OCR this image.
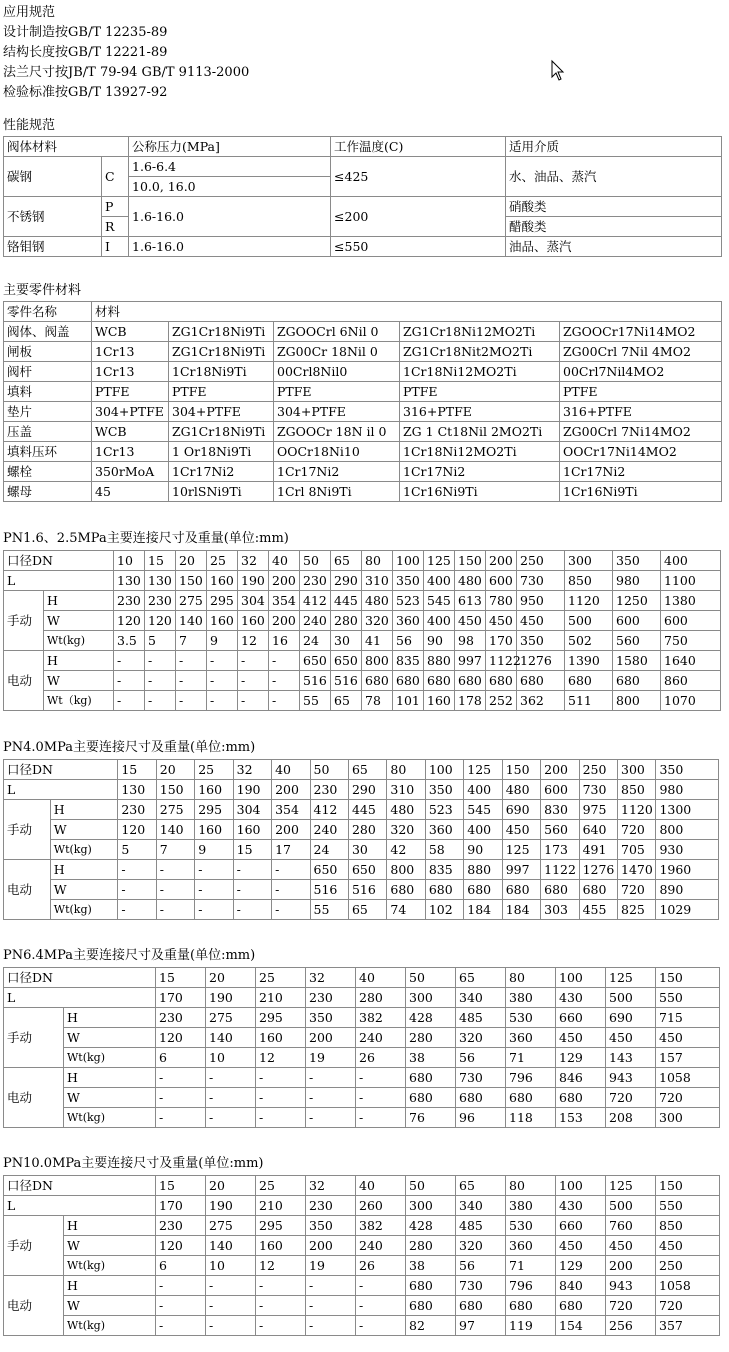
应用规范
设计制造按GB/T 12235-89
结构长度按GB/T 12221-89
法兰尺寸按JB/T 79-94 GB/T 9113-2000
检验标准按GB/T 13927-92
性能规范
阀体材料		公称压力(MPa]	工作温度(C)	适用介质
碳钢	C	1.6-6.4	≤425	水、油品、蒸汽
		10.0, 16.0		
不锈钢	P	1.6-16.0	≤200	硝酸类
	R			醋酸类
铬钼钢	I	1.6-16.0	≤550	油品、蒸汽
主要零件材料
零件名称	材料				
阀体、阀盖	WCB	ZG1Cr18Ni9Ti	ZGOOCrl 6Nil 0	ZG1Cr18Ni12MO2Ti	ZGOOCr17Ni14MO2
闸板	1Cr13	ZG1Cr18Ni9Ti	ZG00Cr 18Nil 0	ZG1Cr18Nit2MO2Ti	ZG00Crl 7Nil 4MO2
阀杆	1Cr13	1Cr18Ni9Ti	00Crl8Nil0	1Cr18Ni12MO2Ti	00Crl7Nil4MO2
填料	PTFE	PTFE	PTFE	PTFE	PTFE
垫片	304+PTFE	304+PTFE	304+PTFE	316+PTFE	316+PTFE
压盖	WCB	ZG1Cr18Ni9Ti	ZGOOCr 18N il 0	ZG 1 Ct18Nil 2MO2Ti	ZG00Crl 7Ni14MO2
填料压环	1Cr13	1 Or18Ni9Ti	OOCr18Ni10	1Cr18Ni12MO2Ti	OOCr17Ni14MO2
螺栓	350rMoA	1Cr17Ni2	1Cr17Ni2	1Cr17Ni2	1Cr17Ni2
螺母	45	10rlSNi9Ti	1Crl 8Ni9Ti	1Cr16Ni9Ti	1Cr16Ni9Ti
PN1.6、2.5MPa主要连接尺寸及重量(单位:mm)
口径DN		10	15	20	25	32	40	50	65	80	100	125	150	200	250	300	350	400
L		130	130	150	160	190	200	230	290	310	350	400	480	600	730	850	980	1100
手动	H	230	230	275	295	304	354	412	445	480	523	545	613	780	950	1120	1250	1380
	W	120	120	140	160	160	200	240	280	320	360	400	450	450	450	500	600	600
	Wt(kg)	3.5	5	7	9	12	16	24	30	41	56	90	98	170	350	502	560	750
电动	H	-	-	-	-	-	-	650	650	800	835	880	997	1122	1276	1390	1580	1640
	W	-	-	-	-	-	-	516	516	680	680	680	680	680	680	680	680	860
	Wt（kg)	-	-	-	-	-	-	55	65	78	101	160	178	252	362	511	800	1070
PN4.0MPa主要连接尺寸及重量(单位:mm)
口径DN		15	20	25	32	40	50	65	80	100	125	150	200	250	300	350
L		130	150	160	190	200	230	290	310	350	400	480	600	730	850	980
手动	H	230	275	295	304	354	412	445	480	523	545	690	830	975	1120	1300
	W	120	140	160	160	200	240	280	320	360	400	450	560	640	720	800
	Wt(kg)	5	7	9	15	17	24	30	42	58	90	125	173	491	705	930
电动	H	-	-	-	-	-	650	650	800	835	880	997	1122	1276	1470	1960
	W	-	-	-	-	-	516	516	680	680	680	680	680	680	720	890
	Wt(kg)	-	-	-	-	-	55	65	74	102	184	184	303	455	825	1029
PN6.4MPa主要连接尺寸及重量(单位:mm)
口径DN		15	20	25	32	40	50	65	80	100	125	150
L		170	190	210	230	280	300	340	380	430	500	550
手动	H	230	275	295	350	382	428	485	530	660	690	715
	W	120	140	160	200	240	280	320	360	450	450	450
	Wt(kg)	6	10	12	19	26	38	56	71	129	143	157
电动	H	-	-	-	-	-	680	730	796	846	943	1058
	W	-	-	-	-	-	680	680	680	680	720	720
	Wt(kg)	-	-	-	-	-	76	96	118	153	208	300
PN10.0MPa主要连接尺寸及重量(单位:mm)
口径DN		15	20	25	32	40	50	65	80	100	125	150
L		170	190	210	230	260	300	340	380	430	500	550
手动	H	230	275	295	350	382	428	485	530	660	760	850
	W	120	140	160	200	240	280	320	360	450	450	450
	Wt(kg)	6	10	12	19	26	38	56	71	129	200	250
电动	H	-	-	-	-	-	680	730	796	840	943	1058
	W	-	-	-	-	-	680	680	680	680	720	720
	Wt(kg)	-	-	-	-	-	82	97	119	154	256	357
